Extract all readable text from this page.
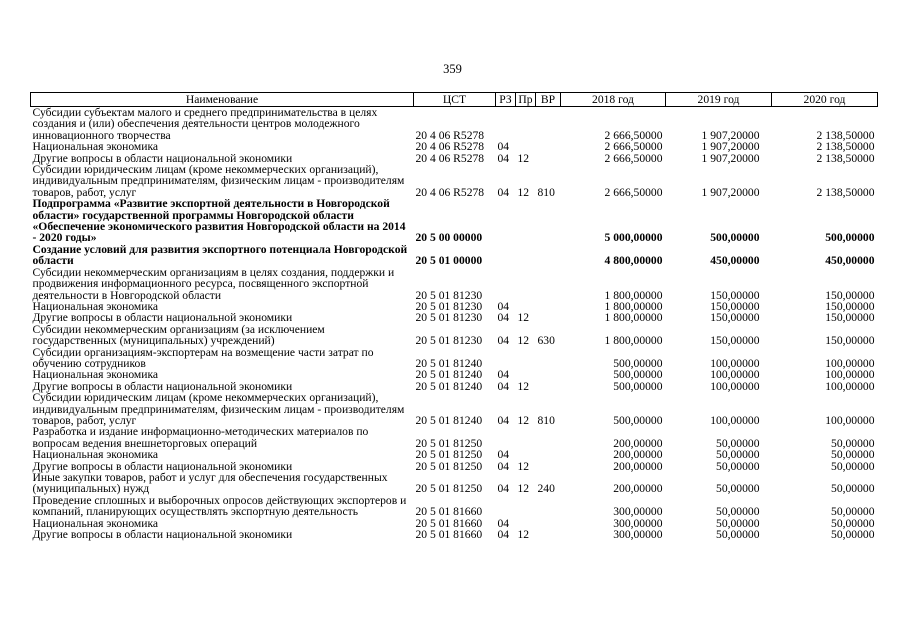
359
Наименование	ЦСТ	РЗ	Пр	ВР	2018 год	2019 год	2020 год
Субсидии субъектам малого и среднего предпринимательства в целях создания и (или) обеспечения деятельности центров молодежного инновационного творчества	20 4 06 R5278				2 666,50000	1 907,20000	2 138,50000
Национальная экономика	20 4 06 R5278	04			2 666,50000	1 907,20000	2 138,50000
Другие вопросы в области национальной экономики	20 4 06 R5278	04	12		2 666,50000	1 907,20000	2 138,50000
Субсидии юридическим лицам (кроме некоммерческих организаций), индивидуальным предпринимателям, физическим лицам - производителям товаров, работ, услуг	20 4 06 R5278	04	12	810	2 666,50000	1 907,20000	2 138,50000
Подпрограмма «Развитие экспортной деятельности в Новгородской области» государственной программы Новгородской области «Обеспечение экономического развития Новгородской области на 2014 - 2020 годы»	20 5 00 00000				5 000,00000	500,00000	500,00000
Создание условий для развития экспортного потенциала Новгородской области	20 5 01 00000				4 800,00000	450,00000	450,00000
Субсидии некоммерческим организациям в целях создания, поддержки и продвижения информационного ресурса, посвященного экспортной деятельности в Новгородской области	20 5 01 81230				1 800,00000	150,00000	150,00000
Национальная экономика	20 5 01 81230	04			1 800,00000	150,00000	150,00000
Другие вопросы в области национальной экономики	20 5 01 81230	04	12		1 800,00000	150,00000	150,00000
Субсидии некоммерческим организациям (за исключением государственных (муниципальных) учреждений)	20 5 01 81230	04	12	630	1 800,00000	150,00000	150,00000
Субсидии организациям-экспортерам на возмещение части затрат по обучению сотрудников	20 5 01 81240				500,00000	100,00000	100,00000
Национальная экономика	20 5 01 81240	04			500,00000	100,00000	100,00000
Другие вопросы в области национальной экономики	20 5 01 81240	04	12		500,00000	100,00000	100,00000
Субсидии юридическим лицам (кроме некоммерческих организаций), индивидуальным предпринимателям, физическим лицам - производителям товаров, работ, услуг	20 5 01 81240	04	12	810	500,00000	100,00000	100,00000
Разработка и издание информационно-методических материалов по вопросам ведения внешнеторговых операций	20 5 01 81250				200,00000	50,00000	50,00000
Национальная экономика	20 5 01 81250	04			200,00000	50,00000	50,00000
Другие вопросы в области национальной экономики	20 5 01 81250	04	12		200,00000	50,00000	50,00000
Иные закупки товаров, работ и услуг для обеспечения государственных (муниципальных) нужд	20 5 01 81250	04	12	240	200,00000	50,00000	50,00000
Проведение сплошных и выборочных опросов действующих экспортеров и компаний, планирующих осуществлять экспортную деятельность	20 5 01 81660				300,00000	50,00000	50,00000
Национальная экономика	20 5 01 81660	04			300,00000	50,00000	50,00000
Другие вопросы в области национальной экономики	20 5 01 81660	04	12		300,00000	50,00000	50,00000
